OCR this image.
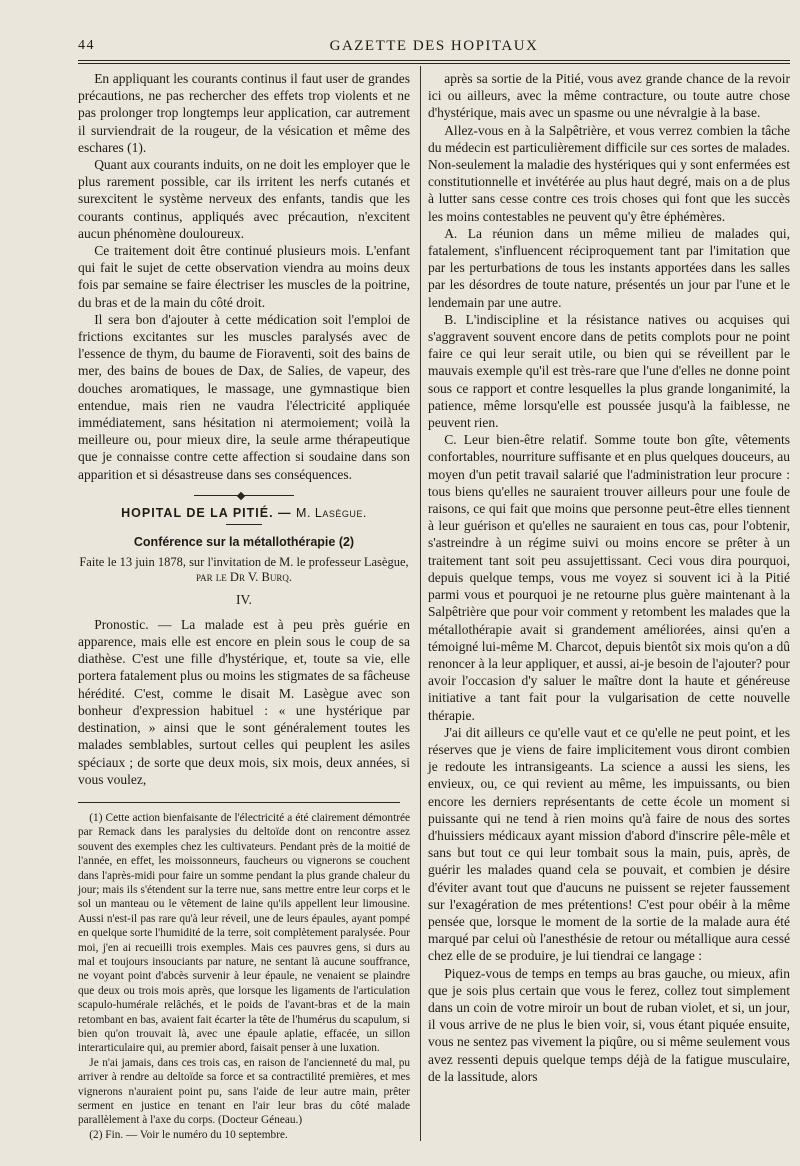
44	GAZETTE DES HOPITAUX

En appliquant les courants continus il faut user de grandes précautions, ne pas rechercher des effets trop violents et ne pas prolonger trop longtemps leur application, car autrement il surviendrait de la rougeur, de la vésication et même des eschares (1).

Quant aux courants induits, on ne doit les employer que le plus rarement possible, car ils irritent les nerfs cutanés et surexcitent le système nerveux des enfants, tandis que les courants continus, appliqués avec précaution, n'excitent aucun phénomène douloureux.

Ce traitement doit être continué plusieurs mois. L'enfant qui fait le sujet de cette observation viendra au moins deux fois par semaine se faire électriser les muscles de la poitrine, du bras et de la main du côté droit.

Il sera bon d'ajouter à cette médication soit l'emploi de frictions excitantes sur les muscles paralysés avec de l'essence de thym, du baume de Fioraventi, soit des bains de mer, des bains de boues de Dax, de Salies, de vapeur, des douches aromatiques, le massage, une gymnastique bien entendue, mais rien ne vaudra l'électricité appliquée immédiatement, sans hésitation ni atermoiement; voilà la meilleure ou, pour mieux dire, la seule arme thérapeutique que je connaisse contre cette affection si soudaine dans son apparition et si désastreuse dans ses conséquences.

HOPITAL DE LA PITIÉ. — M. Lasègue.
Conférence sur la métallothérapie (2)
Faite le 13 juin 1878, sur l'invitation de M. le professeur Lasègue,
par le Dr V. Burq.
IV.

Pronostic. — La malade est à peu près guérie en apparence, mais elle est encore en plein sous le coup de sa diathèse. C'est une fille d'hystérique, et, toute sa vie, elle portera fatalement plus ou moins les stigmates de sa fâcheuse hérédité. C'est, comme le disait M. Lasègue avec son bonheur d'expression habituel : « une hystérique par destination, » ainsi que le sont généralement toutes les malades semblables, surtout celles qui peuplent les asiles spéciaux ; de sorte que deux mois, six mois, deux années, si vous voulez,

(1) Cette action bienfaisante de l'électricité a été clairement démontrée par Remack dans les paralysies du deltoïde dont on rencontre assez souvent des exemples chez les cultivateurs. Pendant près de la moitié de l'année, en effet, les moissonneurs, faucheurs ou vignerons se couchent dans l'après-midi pour faire un somme pendant la plus grande chaleur du jour; mais ils s'étendent sur la terre nue, sans mettre entre leur corps et le sol un manteau ou le vêtement de laine qu'ils appellent leur limousine. Aussi n'est-il pas rare qu'à leur réveil, une de leurs épaules, ayant pompé en quelque sorte l'humidité de la terre, soit complètement paralysée. Pour moi, j'en ai recueilli trois exemples. Mais ces pauvres gens, si durs au mal et toujours insouciants par nature, ne sentant là aucune souffrance, ne voyant point d'abcès survenir à leur épaule, ne venaient se plaindre que deux ou trois mois après, que lorsque les ligaments de l'articulation scapulo-humérale relâchés, et le poids de l'avant-bras et de la main retombant en bas, avaient fait écarter la tête de l'humérus du scapulum, si bien qu'on trouvait là, avec une épaule aplatie, effacée, un sillon interarticulaire qui, au premier abord, faisait penser à une luxation.

Je n'ai jamais, dans ces trois cas, en raison de l'ancienneté du mal, pu arriver à rendre au deltoïde sa force et sa contractilité premières, et mes vignerons n'auraient point pu, sans l'aide de leur autre main, prêter serment en justice en tenant en l'air leur bras du côté malade parallèlement à l'axe du corps. (Docteur Géneau.)

(2) Fin. — Voir le numéro du 10 septembre.

après sa sortie de la Pitié, vous avez grande chance de la revoir ici ou ailleurs, avec la même contracture, ou toute autre chose d'hystérique, mais avec un spasme ou une névralgie à la base.

Allez-vous en à la Salpêtrière, et vous verrez combien la tâche du médecin est particulièrement difficile sur ces sortes de malades. Non-seulement la maladie des hystériques qui y sont enfermées est constitutionnelle et invétérée au plus haut degré, mais on a de plus à lutter sans cesse contre ces trois choses qui font que les succès les moins contestables ne peuvent qu'y être éphémères.

A. La réunion dans un même milieu de malades qui, fatalement, s'influencent réciproquement tant par l'imitation que par les perturbations de tous les instants apportées dans les salles par les désordres de toute nature, présentés un jour par l'une et le lendemain par une autre.

B. L'indiscipline et la résistance natives ou acquises qui s'aggravent souvent encore dans de petits complots pour ne point faire ce qui leur serait utile, ou bien qui se réveillent par le mauvais exemple qu'il est très-rare que l'une d'elles ne donne point sous ce rapport et contre lesquelles la plus grande longanimité, la patience, même lorsqu'elle est poussée jusqu'à la faiblesse, ne peuvent rien.

C. Leur bien-être relatif. Somme toute bon gîte, vêtements confortables, nourriture suffisante et en plus quelques douceurs, au moyen d'un petit travail salarié que l'administration leur procure : tous biens qu'elles ne sauraient trouver ailleurs pour une foule de raisons, ce qui fait que moins que personne peut-être elles tiennent à leur guérison et qu'elles ne sauraient en tous cas, pour l'obtenir, s'astreindre à un régime suivi ou moins encore se prêter à un traitement tant soit peu assujettissant. Ceci vous dira pourquoi, depuis quelque temps, vous me voyez si souvent ici à la Pitié parmi vous et pourquoi je ne retourne plus guère maintenant à la Salpêtrière que pour voir comment y retombent les malades que la métallothérapie avait si grandement améliorées, ainsi qu'en a témoigné lui-même M. Charcot, depuis bientôt six mois qu'on a dû renoncer à la leur appliquer, et aussi, ai-je besoin de l'ajouter? pour avoir l'occasion d'y saluer le maître dont la haute et généreuse initiative a tant fait pour la vulgarisation de cette nouvelle thérapie.

J'ai dit ailleurs ce qu'elle vaut et ce qu'elle ne peut point, et les réserves que je viens de faire implicitement vous diront combien je redoute les intransigeants. La science a aussi les siens, les envieux, ou, ce qui revient au même, les impuissants, ou bien encore les derniers représentants de cette école un moment si puissante qui ne tend à rien moins qu'à faire de nous des sortes d'huissiers médicaux ayant mission d'abord d'inscrire pêle-mêle et sans but tout ce qui leur tombait sous la main, puis, après, de guérir les malades quand cela se pouvait, et combien je désire d'éviter avant tout que d'aucuns ne puissent se rejeter faussement sur l'exagération de mes prétentions! C'est pour obéir à la même pensée que, lorsque le moment de la sortie de la malade aura été marqué par celui où l'anesthésie de retour ou métallique aura cessé chez elle de se produire, je lui tiendrai ce langage :

Piquez-vous de temps en temps au bras gauche, ou mieux, afin que je sois plus certain que vous le ferez, collez tout simplement dans un coin de votre miroir un bout de ruban violet, et si, un jour, il vous arrive de ne plus le bien voir, si, vous étant piquée ensuite, vous ne sentez pas vivement la piqûre, ou si même seulement vous avez ressenti depuis quelque temps déjà de la fatigue musculaire, de la lassitude, alors
